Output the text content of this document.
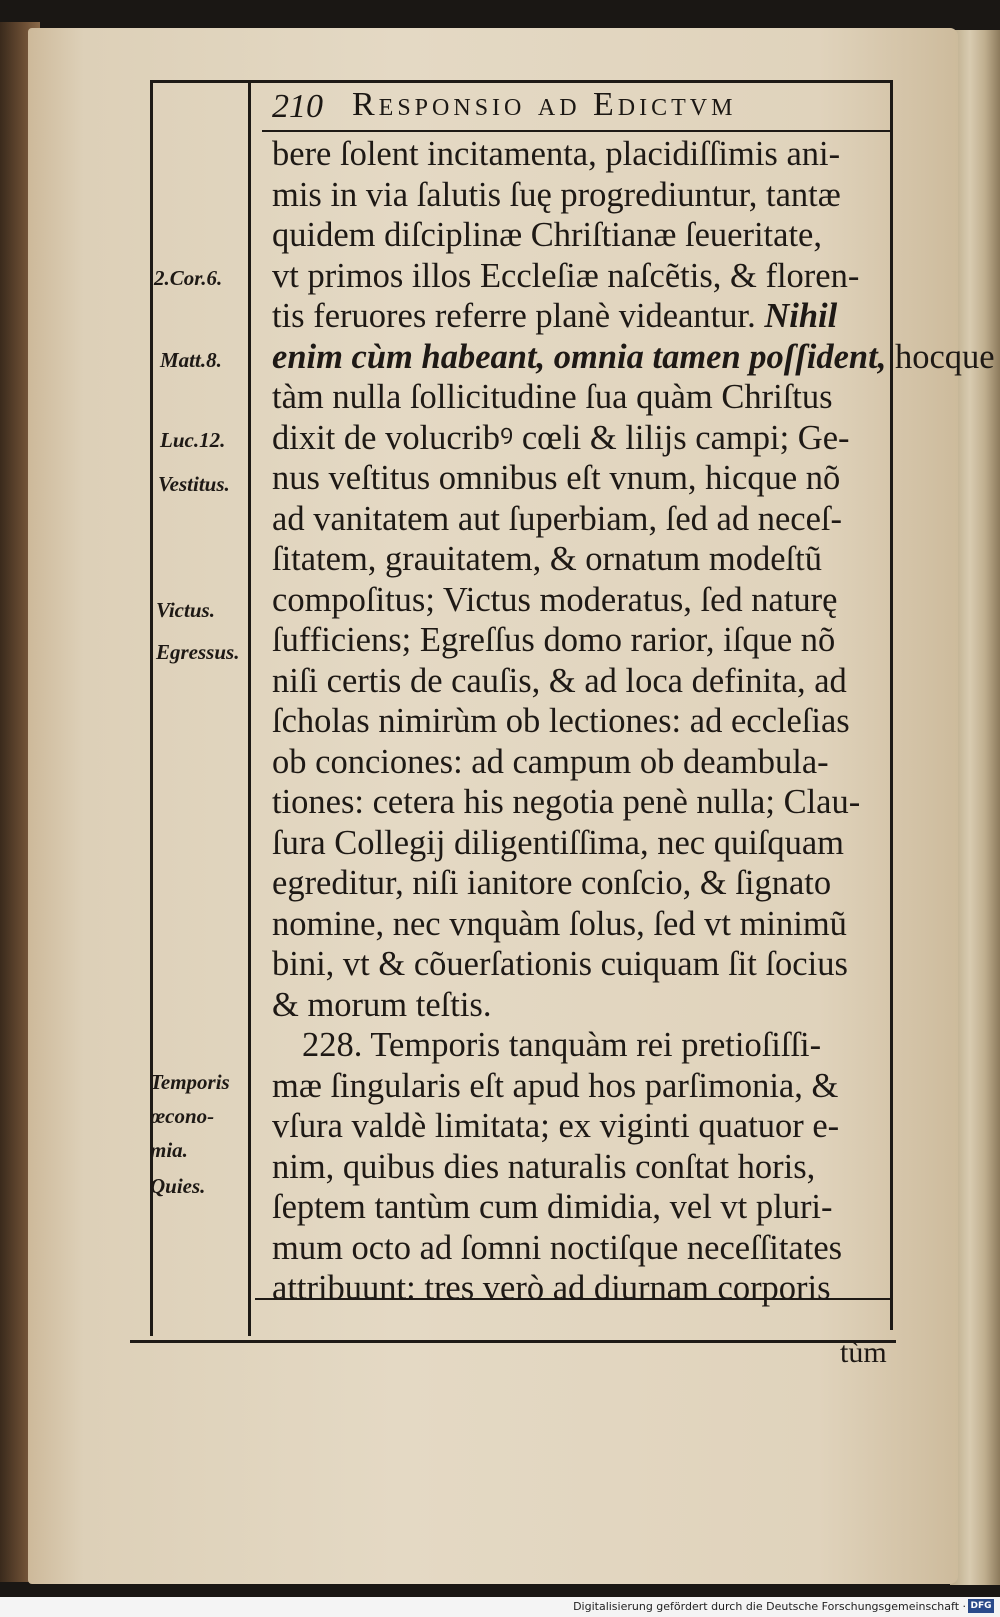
210 Responsio ad Edictvm
2.Cor.6.
Matt.8.
Luc.12.
Vestitus.
Victus.
Egressus.
Temporis
œcono-
mia.
Quies.
bere ſolent incitamenta, placidiſſimis ani-
mis in via ſalutis ſuę progrediuntur, tantæ
quidem diſciplinæ Chriſtianæ ſeueritate,
vt primos illos Eccleſiæ naſcẽtis, & floren-
tis feruores referre planè videantur. Nihil
enim cùm habeant, omnia tamen poſſident, hocque
tàm nulla ſollicitudine ſua quàm Chriſtus
dixit de volucribꝰ cœli & lilijs campi; Ge-
nus veſtitus omnibus eſt vnum, hicque nõ
ad vanitatem aut ſuperbiam, ſed ad neceſ-
ſitatem, grauitatem, & ornatum modeſtũ
compoſitus; Victus moderatus, ſed naturę
ſufficiens; Egreſſus domo rarior, iſque nõ
niſi certis de cauſis, & ad loca definita, ad
ſcholas nimirùm ob lectiones: ad eccleſias
ob conciones: ad campum ob deambula-
tiones: cetera his negotia penè nulla; Clau-
ſura Collegij diligentiſſima, nec quiſquam
egreditur, niſi ianitore conſcio, & ſignato
nomine, nec vnquàm ſolus, ſed vt minimũ
bini, vt & cõuerſationis cuiquam ſit ſocius
& morum teſtis.
228. Temporis tanquàm rei pretioſiſſi-
mæ ſingularis eſt apud hos parſimonia, &
vſura valdè limitata; ex viginti quatuor e-
nim, quibus dies naturalis conſtat horis,
ſeptem tantùm cum dimidia, vel vt pluri-
mum octo ad ſomni noctiſque neceſſitates
attribuunt: tres verò ad diurnam corporis
tùm
Digitalisierung gefördert durch die Deutsche Forschungsgemeinschaft · DFG
